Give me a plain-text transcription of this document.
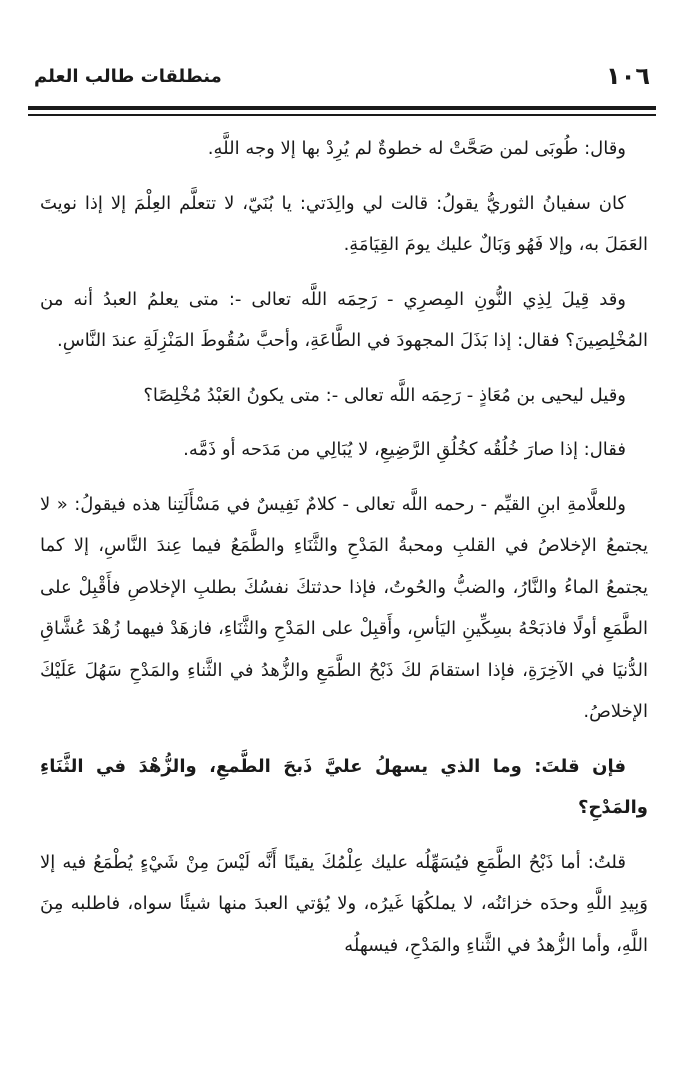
١٠٦
منطلقات طالب العلم

وقال: طُوبَى لمن صَحَّتْ له خطوةٌ لم يُرِدْ بها إلا وجه اللَّهِ.

كان سفيانُ الثوريُّ يقولُ: قالت لي والِدَتي: يا بُنَيّ، لا تتعلَّم العِلْمَ إلا إذا نويتَ العَمَلَ به، وإلا فَهُو وَبَالٌ عليك يومَ القِيَامَةِ.

وقد قِيلَ لِذِي النُّونِ المِصرِي - رَحِمَه اللَّه تعالى -: متى يعلمُ العبدُ أنه من المُخْلِصِينَ؟ فقال: إذا بَذَلَ المجهودَ في الطَّاعَةِ، وأحبَّ سُقُوطَ المَنْزِلَةِ عندَ النَّاسِ.

وقيل ليحيى بن مُعَاذٍ - رَحِمَه اللَّه تعالى -: متى يكونُ العَبْدُ مُخْلِصًا؟

فقال: إذا صارَ خُلُقُه كخُلُقِ الرَّضِيعِ، لا يُبَالِي من مَدَحه أو ذَمَّه.

وللعلَّامةِ ابنِ القيِّم - رحمه اللَّه تعالى - كلامٌ نَفِيسٌ في مَسْأَلَتِنا هذه فيقولُ: « لا يجتمعُ الإخلاصُ في القلبِ ومحبةُ المَدْحِ والثَّنَاءِ والطَّمَعُ فيما عِندَ النَّاسِ، إلا كما يجتمعُ الماءُ والنَّارُ، والضبُّ والحُوتُ، فإذا حدثتكَ نفسُكَ بطلبِ الإخلاصِ فأَقْبِلْ على الطَّمَعِ أولًا فاذبَحْهُ بسِكِّينِ اليَأسِ، وأَقبِلْ على المَدْحِ والثَّنَاءِ، فازهَدْ فيهما زُهْدَ عُشَّاقِ الدُّنيَا في الآخِرَةِ، فإذا استقامَ لكَ ذَبْحُ الطَّمَعِ والزُّهدُ في الثَّناءِ والمَدْحِ سَهُلَ عَلَيْكَ الإخلاصُ.

فإن قلتَ: وما الذي يسهلُ عليَّ ذَبحَ الطَّمعِ، والزُّهْدَ في الثَّنَاءِ والمَدْحِ؟

قلتُ: أما ذَبْحُ الطَّمَعِ فيُسَهِّلُه عليك عِلْمُكَ يقينًا أَنَّه لَيْسَ مِنْ شَيْءٍ يُطْمَعُ فيه إلا وَبِيدِ اللَّهِ وحدَه خزائنُه، لا يملكُهَا غَيرُه، ولا يُؤتي العبدَ منها شيئًا سواه، فاطلبه مِنَ اللَّهِ، وأما الزُّهدُ في الثَّناءِ والمَدْحِ، فيسهلُه
